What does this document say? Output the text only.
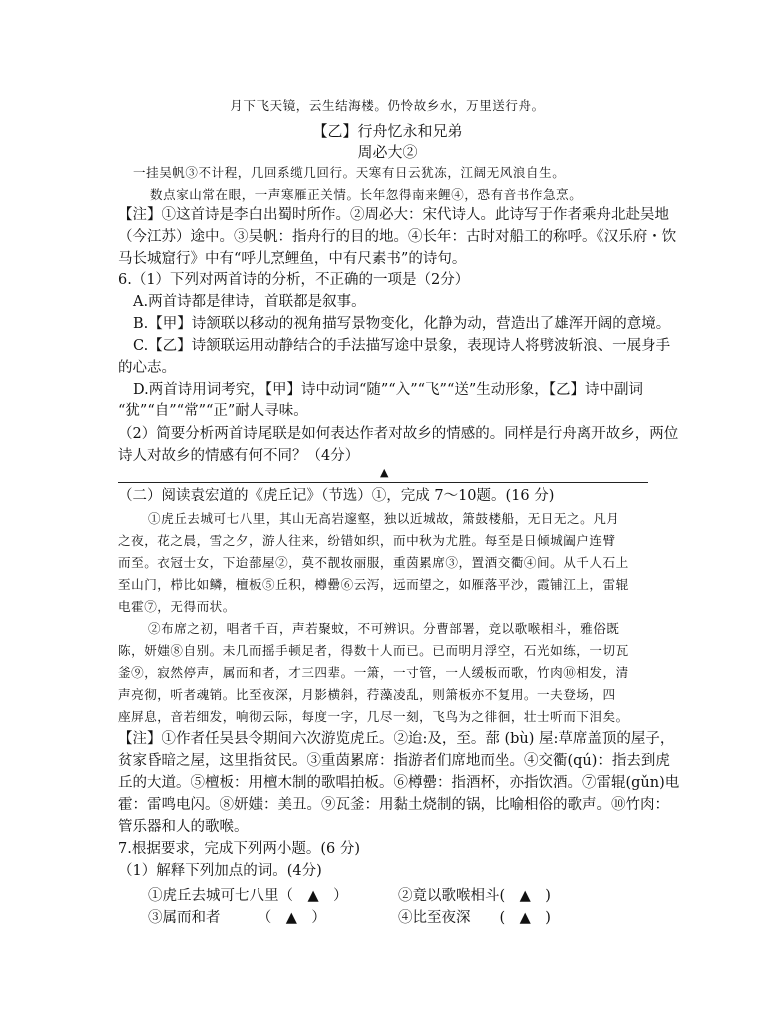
月下飞天镜，云生结海楼。仍怜故乡水，万里送行舟。
【乙】行舟忆永和兄弟
周必大②
一挂吴帆③不计程，几回系缆几回行。天寒有日云犹冻，江阔无风浪自生。
数点家山常在眼，一声寒雁正关情。长年忽得南来鲤④，恐有音书作急烹。
【注】①这首诗是李白出蜀时所作。②周必大：宋代诗人。此诗写于作者乘舟北赴吴地
（今江苏）途中。③吴帆：指舟行的目的地。④长年：古时对船工的称呼。《汉乐府・饮
马长城窟行》中有“呼儿烹鲤鱼，中有尺素书”的诗句。
6.（1）下列对两首诗的分析，不正确的一项是（2分）
A.两首诗都是律诗，首联都是叙事。
B.【甲】诗颔联以移动的视角描写景物变化，化静为动，营造出了雄浑开阔的意境。
C.【乙】诗颔联运用动静结合的手法描写途中景象，表现诗人将劈波斩浪、一展身手
的心志。
D.两首诗用词考究，【甲】诗中动词“随”“入”“飞”“送”生动形象，【乙】诗中副词
“犹”“自”“常”“正”耐人寻味。
（2）简要分析两首诗尾联是如何表达作者对故乡的情感的。同样是行舟离开故乡，两位
诗人对故乡的情感有何不同？（4分）
▲
（二）阅读袁宏道的《虎丘记》（节选）①，完成 7～10题。(16 分)
①虎丘去城可七八里，其山无高岩邃壑，独以近城故，箫鼓楼船，无日无之。凡月
之夜，花之晨，雪之夕，游人往来，纷错如织，而中秋为尤胜。每至是日倾城阖户连臂
而至。衣冠士女，下迨蔀屋②，莫不靓妆丽服，重茵累席③，置酒交衢④间。从千人石上
至山门，栉比如鳞，檀板⑤丘积，樽罍⑥云泻，远而望之，如雁落平沙，霞铺江上，雷辊
电霍⑦，无得而状。
②布席之初，唱者千百，声若聚蚊，不可辨识。分曹部署，竞以歌喉相斗，雅俗既
陈，妍媸⑧自别。未几而摇手顿足者，得数十人而已。已而明月浮空，石光如练，一切瓦
釜⑨，寂然停声，属而和者，才三四辈。一箫，一寸管，一人缓板而歌，竹肉⑩相发，清
声亮彻，听者魂销。比至夜深，月影横斜，荇藻凌乱，则箫板亦不复用。一夫登场，四
座屏息，音若细发，响彻云际，每度一字，几尽一刻，飞鸟为之徘徊，壮士听而下泪矣。
【注】①作者任吴县令期间六次游览虎丘。②迨:及，至。蔀 (bù) 屋:草席盖顶的屋子，
贫家昏暗之屋，这里指贫民。③重茵累席：指游者们席地而坐。④交衢(qú)：指去到虎
丘的大道。⑤檀板：用檀木制的歌唱拍板。⑥樽罍：指酒杯，亦指饮酒。⑦雷辊(gǔn)电
霍：雷鸣电闪。⑧妍媸：美丑。⑨瓦釜：用黏土烧制的锅，比喻相俗的歌声。⑩竹肉：
管乐器和人的歌喉。
7.根据要求，完成下列两小题。(6 分)
（1）解释下列加点的词。(4分)
①虎丘去城可七八里（　▲　）	②竟以歌喉相斗(　▲　)
③属而和者　　　（　▲　）	④比至夜深　　(　▲　)
